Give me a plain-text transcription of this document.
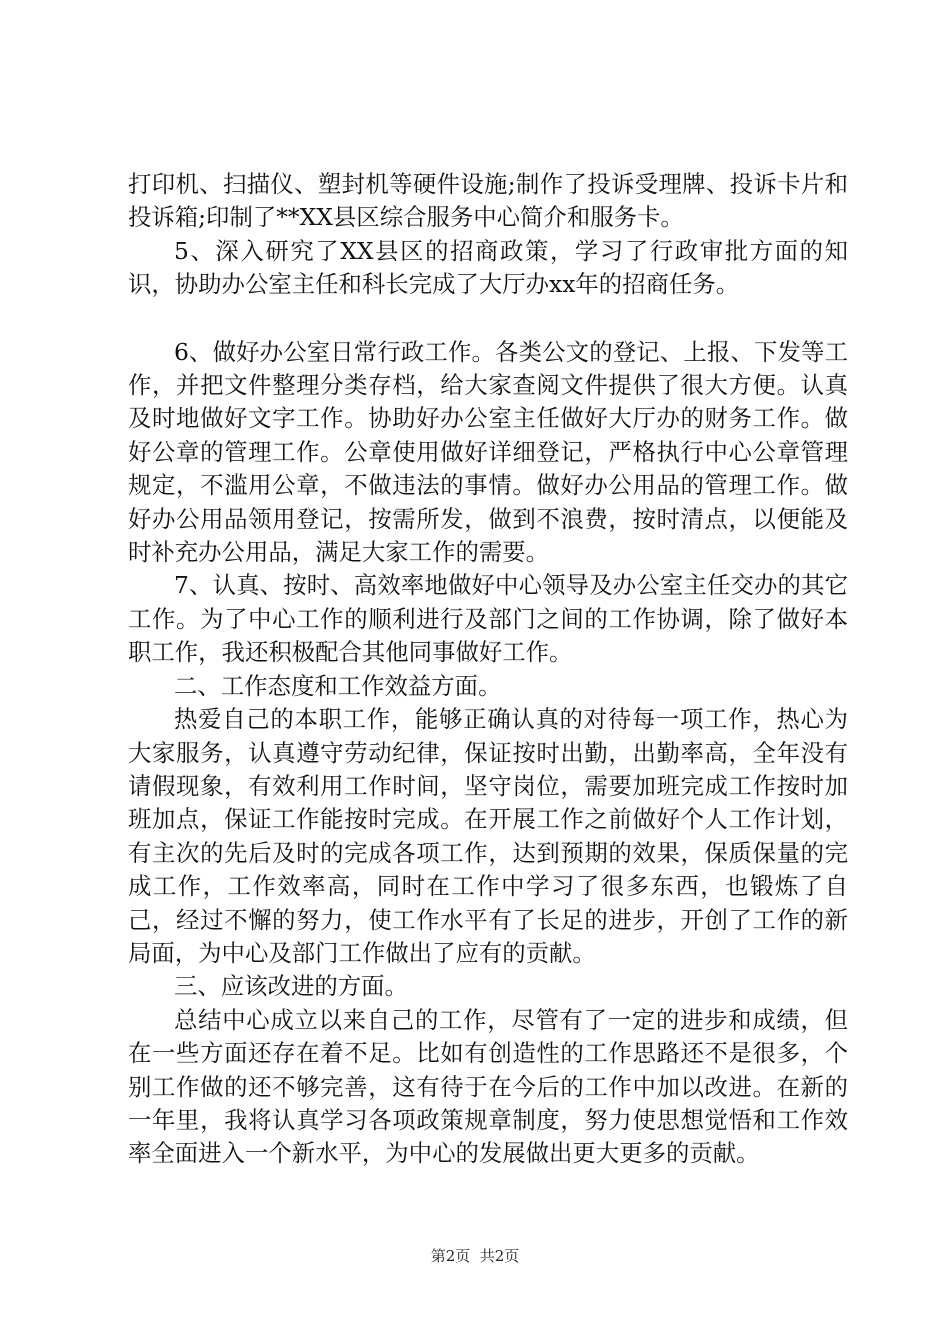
打印机、扫描仪、塑封机等硬件设施;制作了投诉受理牌、投诉卡片和投诉箱;印制了**XX县区综合服务中心简介和服务卡。

5、深入研究了XX县区的招商政策，学习了行政审批方面的知识，协助办公室主任和科长完成了大厅办xx年的招商任务。

6、做好办公室日常行政工作。各类公文的登记、上报、下发等工作，并把文件整理分类存档，给大家查阅文件提供了很大方便。认真及时地做好文字工作。协助好办公室主任做好大厅办的财务工作。做好公章的管理工作。公章使用做好详细登记，严格执行中心公章管理规定，不滥用公章，不做违法的事情。做好办公用品的管理工作。做好办公用品领用登记，按需所发，做到不浪费，按时清点，以便能及时补充办公用品，满足大家工作的需要。

7、认真、按时、高效率地做好中心领导及办公室主任交办的其它工作。为了中心工作的顺利进行及部门之间的工作协调，除了做好本职工作，我还积极配合其他同事做好工作。

二、工作态度和工作效益方面。

热爱自己的本职工作，能够正确认真的对待每一项工作，热心为大家服务，认真遵守劳动纪律，保证按时出勤，出勤率高，全年没有请假现象，有效利用工作时间，坚守岗位，需要加班完成工作按时加班加点，保证工作能按时完成。在开展工作之前做好个人工作计划，有主次的先后及时的完成各项工作，达到预期的效果，保质保量的完成工作，工作效率高，同时在工作中学习了很多东西，也锻炼了自己，经过不懈的努力，使工作水平有了长足的进步，开创了工作的新局面，为中心及部门工作做出了应有的贡献。

三、应该改进的方面。

总结中心成立以来自己的工作，尽管有了一定的进步和成绩，但在一些方面还存在着不足。比如有创造性的工作思路还不是很多，个别工作做的还不够完善，这有待于在今后的工作中加以改进。在新的一年里，我将认真学习各项政策规章制度，努力使思想觉悟和工作效率全面进入一个新水平，为中心的发展做出更大更多的贡献。

第2页  共2页
